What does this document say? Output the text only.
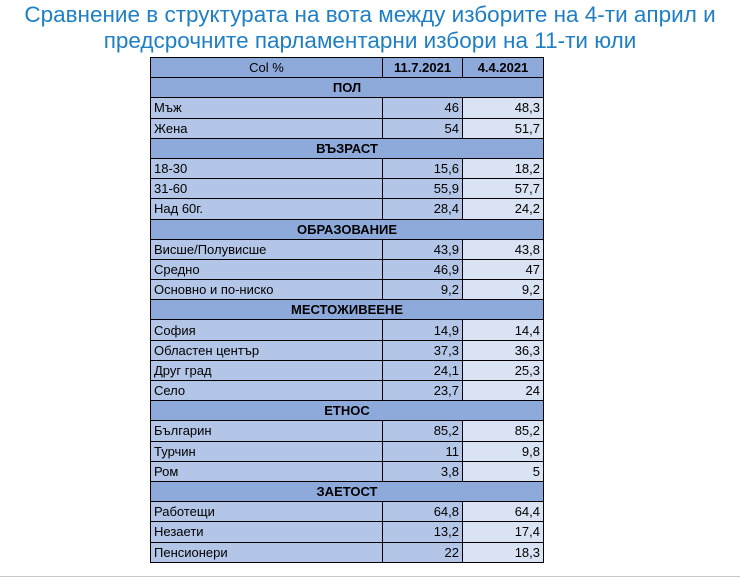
Сравнение в структурата на вота между изборите на 4-ти април и
предсрочните парламентарни избори на 11-ти юли
Col %	11.7.2021	4.4.2021
ПОЛ		
Мъж	46	48,3
Жена	54	51,7
ВЪЗРАСТ		
18-30	15,6	18,2
31-60	55,9	57,7
Над 60г.	28,4	24,2
ОБРАЗОВАНИЕ		
Висше/Полувисше	43,9	43,8
Средно	46,9	47
Основно и по-ниско	9,2	9,2
МЕСТОЖИВЕЕНЕ		
София	14,9	14,4
Областен център	37,3	36,3
Друг град	24,1	25,3
Село	23,7	24
ЕТНОС		
Българин	85,2	85,2
Турчин	11	9,8
Ром	3,8	5
ЗАЕТОСТ		
Работещи	64,8	64,4
Незаети	13,2	17,4
Пенсионери	22	18,3
